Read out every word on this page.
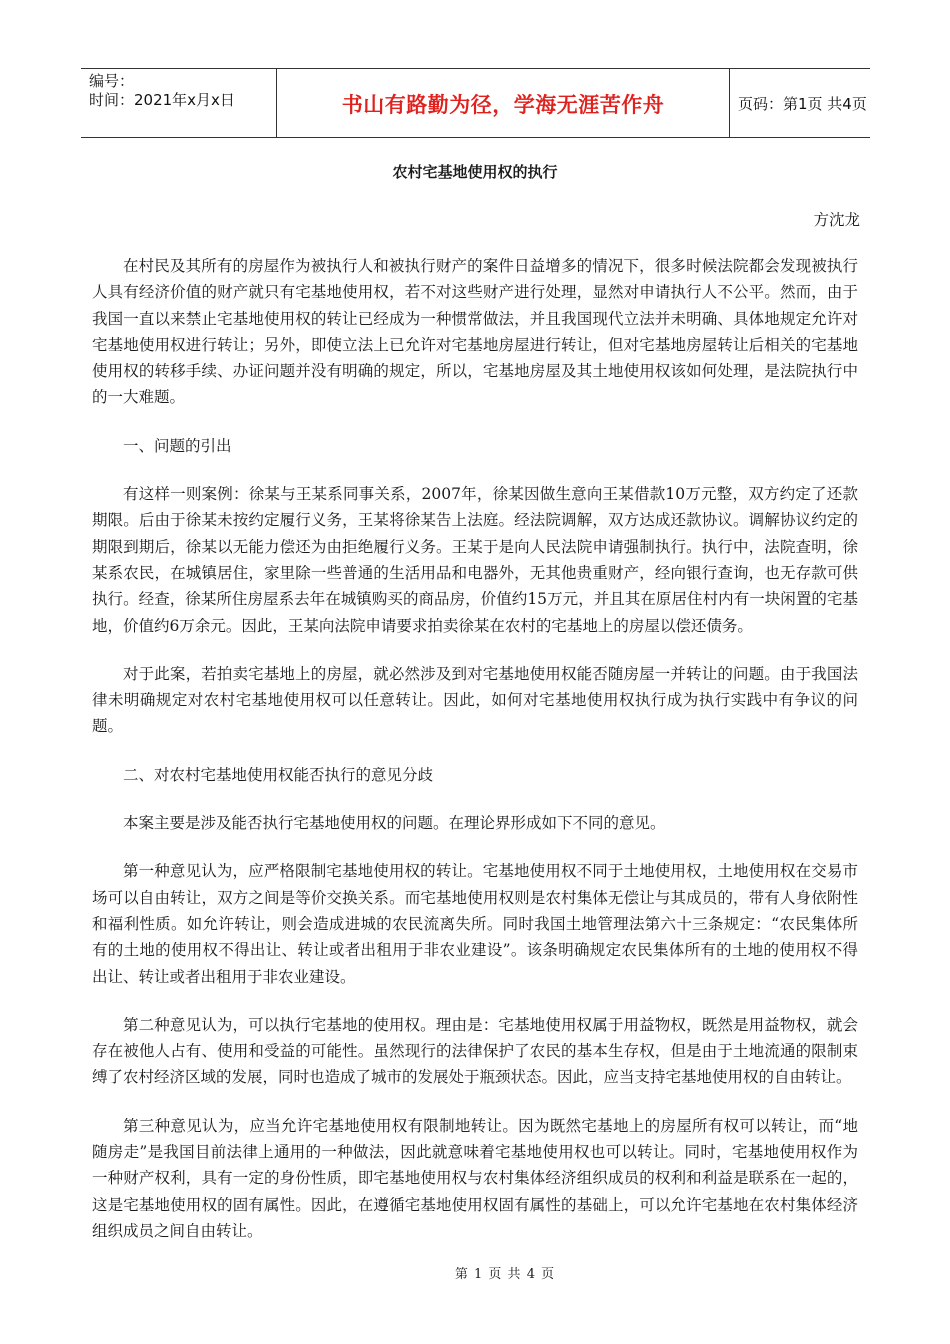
编号：
时间：2021年x月x日	书山有路勤为径，学海无涯苦作舟	页码：第1页 共4页
农村宅基地使用权的执行
方沈龙

在村民及其所有的房屋作为被执行人和被执行财产的案件日益增多的情况下，很多时候法院都会发现被执行人具有经济价值的财产就只有宅基地使用权，若不对这些财产进行处理，显然对申请执行人不公平。然而，由于我国一直以来禁止宅基地使用权的转让已经成为一种惯常做法，并且我国现代立法并未明确、具体地规定允许对宅基地使用权进行转让；另外，即使立法上已允许对宅基地房屋进行转让，但对宅基地房屋转让后相关的宅基地使用权的转移手续、办证问题并没有明确的规定，所以，宅基地房屋及其土地使用权该如何处理，是法院执行中的一大难题。

一、问题的引出

有这样一则案例：徐某与王某系同事关系，2007年，徐某因做生意向王某借款10万元整，双方约定了还款期限。后由于徐某未按约定履行义务，王某将徐某告上法庭。经法院调解，双方达成还款协议。调解协议约定的期限到期后，徐某以无能力偿还为由拒绝履行义务。王某于是向人民法院申请强制执行。执行中，法院查明，徐某系农民，在城镇居住，家里除一些普通的生活用品和电器外，无其他贵重财产，经向银行查询，也无存款可供执行。经查，徐某所住房屋系去年在城镇购买的商品房，价值约15万元，并且其在原居住村内有一块闲置的宅基地，价值约6万余元。因此，王某向法院申请要求拍卖徐某在农村的宅基地上的房屋以偿还债务。

对于此案，若拍卖宅基地上的房屋，就必然涉及到对宅基地使用权能否随房屋一并转让的问题。由于我国法律未明确规定对农村宅基地使用权可以任意转让。因此，如何对宅基地使用权执行成为执行实践中有争议的问题。

二、对农村宅基地使用权能否执行的意见分歧

本案主要是涉及能否执行宅基地使用权的问题。在理论界形成如下不同的意见。

第一种意见认为，应严格限制宅基地使用权的转让。宅基地使用权不同于土地使用权，土地使用权在交易市场可以自由转让，双方之间是等价交换关系。而宅基地使用权则是农村集体无偿让与其成员的，带有人身依附性和福利性质。如允许转让，则会造成进城的农民流离失所。同时我国土地管理法第六十三条规定：“农民集体所有的土地的使用权不得出让、转让或者出租用于非农业建设”。该条明确规定农民集体所有的土地的使用权不得出让、转让或者出租用于非农业建设。

第二种意见认为，可以执行宅基地的使用权。理由是：宅基地使用权属于用益物权，既然是用益物权，就会存在被他人占有、使用和受益的可能性。虽然现行的法律保护了农民的基本生存权，但是由于土地流通的限制束缚了农村经济区域的发展，同时也造成了城市的发展处于瓶颈状态。因此，应当支持宅基地使用权的自由转让。

第三种意见认为，应当允许宅基地使用权有限制地转让。因为既然宅基地上的房屋所有权可以转让，而“地随房走”是我国目前法律上通用的一种做法，因此就意味着宅基地使用权也可以转让。同时，宅基地使用权作为一种财产权利，具有一定的身份性质，即宅基地使用权与农村集体经济组织成员的权利和利益是联系在一起的，这是宅基地使用权的固有属性。因此，在遵循宅基地使用权固有属性的基础上，可以允许宅基地在农村集体经济组织成员之间自由转让。

第 1 页 共 4 页
